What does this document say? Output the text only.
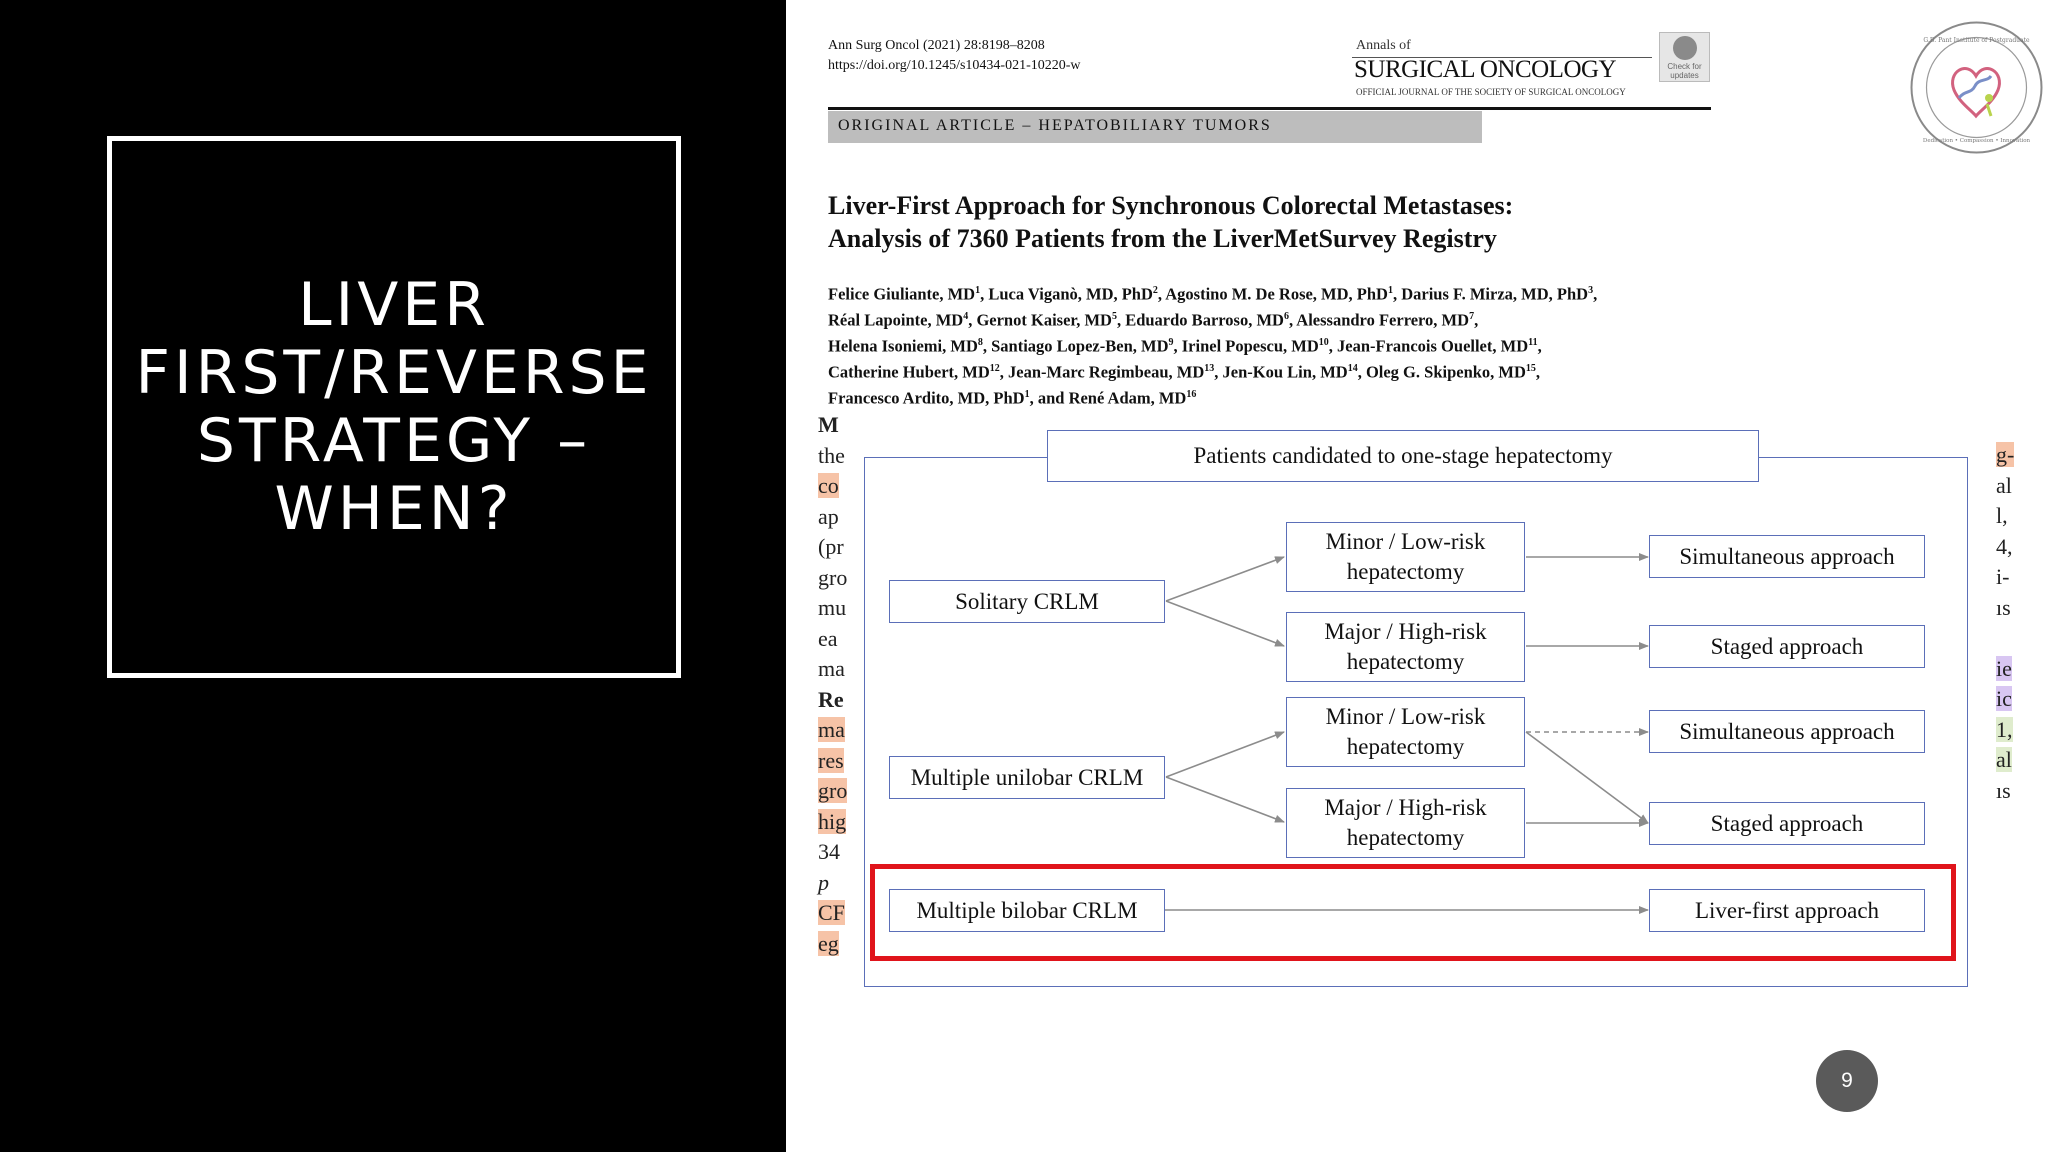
LIVER
FIRST/REVERSE
STRATEGY –
WHEN?
Ann Surg Oncol (2021) 28:8198–8208
https://doi.org/10.1245/s10434-021-10220-w
Annals of
SURGICAL ONCOLOGY
OFFICIAL JOURNAL OF THE SOCIETY OF SURGICAL ONCOLOGY
Check for updates
ORIGINAL ARTICLE – HEPATOBILIARY TUMORS
Liver-First Approach for Synchronous Colorectal Metastases:
Analysis of 7360 Patients from the LiverMetSurvey Registry
Felice Giuliante, $MD^1$, Luca Viganò, MD, PhD$^2$, Agostino M. De Rose, MD, PhD$^1$, Darius F. Mirza, MD, PhD$^3$,
Réal Lapointe, $MD^4$, Gernot Kaiser, $MD^5$, Eduardo Barroso, $MD^6$, Alessandro Ferrero, $MD^7$,
Helena Isoniemi, $MD^8$, Santiago Lopez-Ben, $MD^9$, Irinel Popescu, MD$^{10}$, Jean-Francois Ouellet, MD$^{11}$,
Catherine Hubert, MD$^{12}$, Jean-Marc Regimbeau, MD$^{13}$, Jen-Kou Lin, MD$^{14}$, Oleg G. Skipenko, MD$^{15}$,
Francesco Ardito, MD, PhD$^1$, and René Adam, MD$^{16}$
M
the
co
ap
(pr
gro
mu
ea
ma
Re
ma
res
gro
hig
34
p
CF
eg
g-
al
l,
4,
i-
ıs
ie
ic
1,
al
ıs
Patients candidated to one-stage hepatectomy
Solitary CRLM
Multiple unilobar CRLM
Multiple bilobar CRLM
Minor / Low-risk hepatectomy
Major / High-risk hepatectomy
Minor / Low-risk hepatectomy
Major / High-risk hepatectomy
Simultaneous approach
Staged approach
Simultaneous approach
Staged approach
Liver-first approach
G.B. Pant Institute of Postgraduate
Dedication • Compassion • Innovation
9
